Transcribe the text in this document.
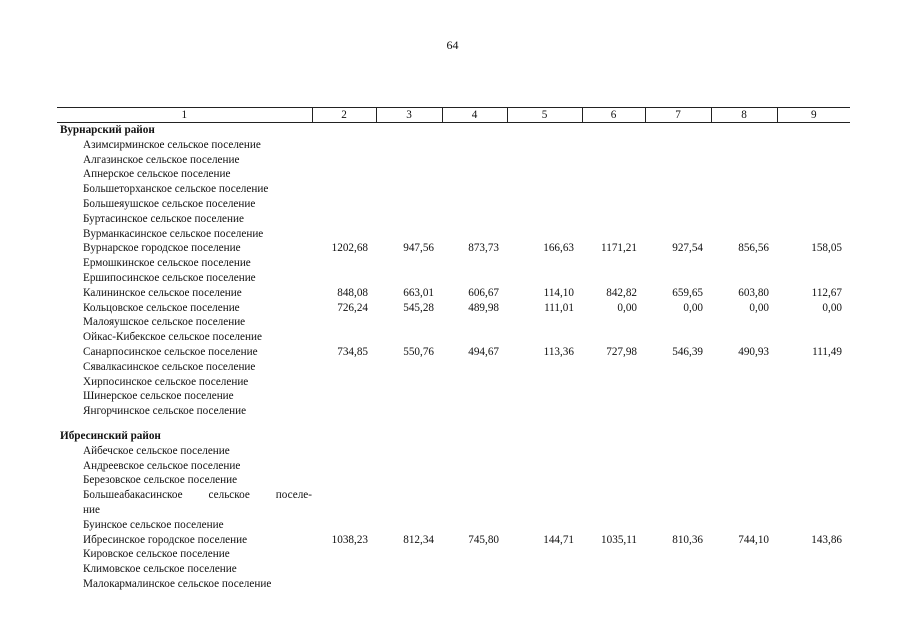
64
1	2	3	4	5	6	7	8	9
Вурнарский район								
Азимсирминское сельское поселение								
Алгазинское сельское поселение								
Апнерское сельское поселение								
Большеторханское сельское поселение								
Большеяушское сельское поселение								
Буртасинское сельское поселение								
Вурманкасинское сельское поселение								
Вурнарское городское поселение	1202,68	947,56	873,73	166,63	1171,21	927,54	856,56	158,05
Ермошкинское сельское поселение								
Ершипосинское сельское поселение								
Калининское сельское поселение	848,08	663,01	606,67	114,10	842,82	659,65	603,80	112,67
Кольцовское сельское поселение	726,24	545,28	489,98	111,01	0,00	0,00	0,00	0,00
Малояушское сельское поселение								
Ойкас-Кибекское сельское поселение								
Санарпосинское сельское поселение	734,85	550,76	494,67	113,36	727,98	546,39	490,93	111,49
Сявалкасинское сельское поселение								
Хирпосинское сельское поселение								
Шинерское сельское поселение								
Янгорчинское сельское поселение								

Ибресинский район								
Айбечское сельское поселение								
Андреевское сельское поселение								
Березовское сельское поселение								
Большеабакасинское сельское поселе-								
ние								
Буинское сельское поселение								
Ибресинское городское поселение	1038,23	812,34	745,80	144,71	1035,11	810,36	744,10	143,86
Кировское сельское поселение								
Климовское сельское поселение								
Малокармалинское сельское поселение								
